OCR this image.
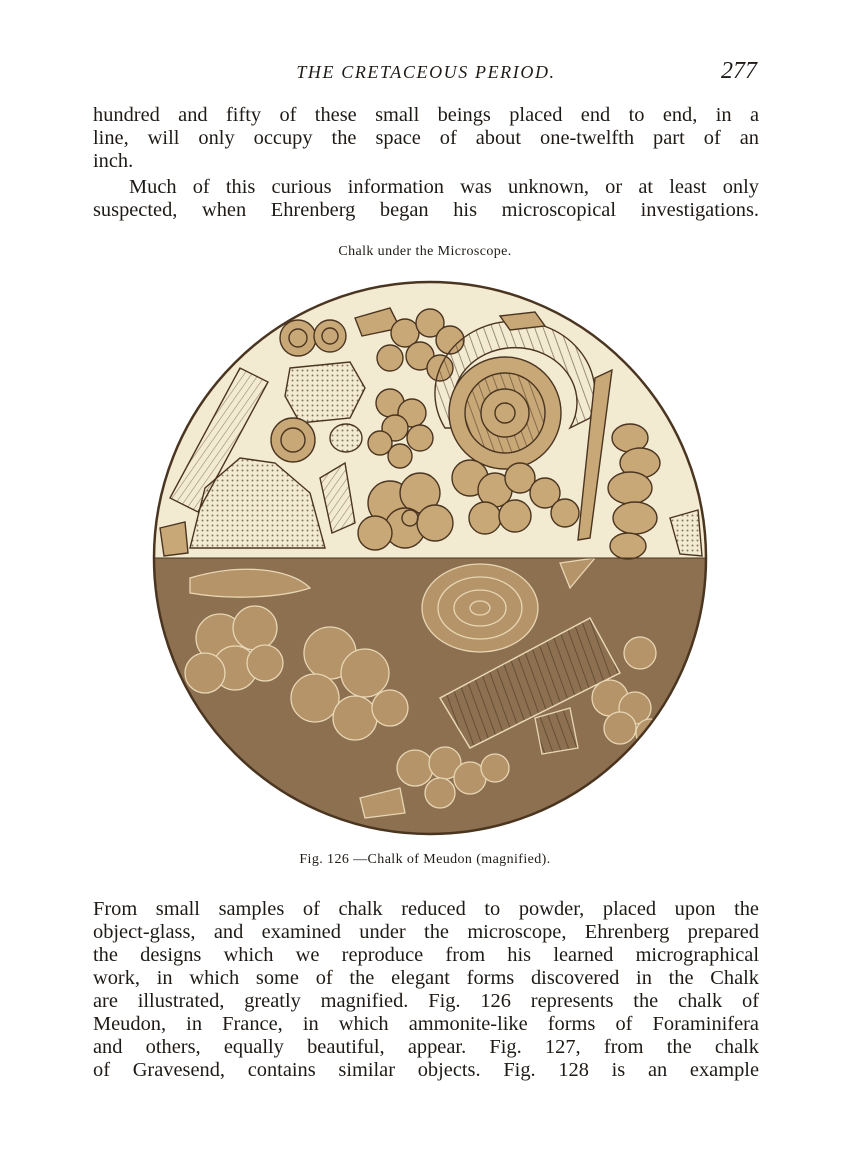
THE CRETACEOUS PERIOD.	277
hundred and fifty of these small beings placed end to end, in a
line, will only occupy the space of about one-twelfth part of an
inch.
Much of this curious information was unknown, or at least only
suspected, when Ehrenberg began his microscopical investigations.
Chalk under the Microscope.
Fig. 126 —Chalk of Meudon (magnified).
From small samples of chalk reduced to powder, placed upon the
object-glass, and examined under the microscope, Ehrenberg prepared
the designs which we reproduce from his learned micrographical
work, in which some of the elegant forms discovered in the Chalk
are illustrated, greatly magnified. Fig. 126 represents the chalk of
Meudon, in France, in which ammonite-like forms of Foraminifera
and others, equally beautiful, appear. Fig. 127, from the chalk
of Gravesend, contains similar objects. Fig. 128 is an example
